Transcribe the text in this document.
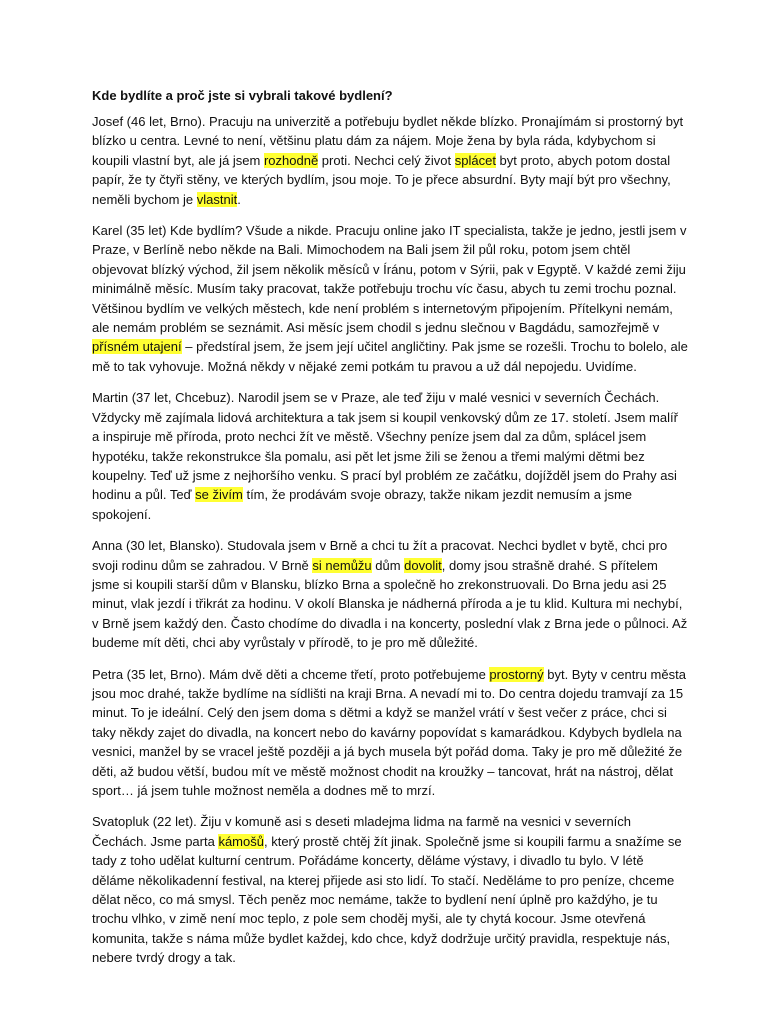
Kde bydlíte a proč jste si vybrali takové bydlení?

Josef (46 let, Brno). Pracuju na univerzitě a potřebuju bydlet někde blízko. Pronajímám si prostorný byt blízko u centra. Levné to není, většinu platu dám za nájem. Moje žena by byla ráda, kdybychom si koupili vlastní byt, ale já jsem rozhodně proti. Nechci celý život splácet byt proto, abych potom dostal papír, že ty čtyři stěny, ve kterých bydlím, jsou moje. To je přece absurdní. Byty mají být pro všechny, neměli bychom je vlastnit.

Karel (35 let) Kde bydlím? Všude a nikde. Pracuju online jako IT specialista, takže je jedno, jestli jsem v Praze, v Berlíně nebo někde na Bali. Mimochodem na Bali jsem žil půl roku, potom jsem chtěl objevovat blízký východ, žil jsem několik měsíců v Íránu, potom v Sýrii, pak v Egyptě. V každé zemi žiju minimálně měsíc. Musím taky pracovat, takže potřebuju trochu víc času, abych tu zemi trochu poznal. Většinou bydlím ve velkých městech, kde není problém s internetovým připojením. Přítelkyni nemám, ale nemám problém se seznámit. Asi měsíc jsem chodil s jednu slečnou v Bagdádu, samozřejmě v přísném utajení – předstíral jsem, že jsem její učitel angličtiny. Pak jsme se rozešli. Trochu to bolelo, ale mě to tak vyhovuje. Možná někdy v nějaké zemi potkám tu pravou a už dál nepojedu. Uvidíme.

Martin (37 let, Chcebuz). Narodil jsem se v Praze, ale teď žiju v malé vesnici v severních Čechách. Vždycky mě zajímala lidová architektura a tak jsem si koupil venkovský dům ze 17. století. Jsem malíř a inspiruje mě příroda, proto nechci žít ve městě. Všechny peníze jsem dal za dům, splácel jsem hypotéku, takže rekonstrukce šla pomalu, asi pět let jsme žili se ženou a třemi malými dětmi bez koupelny. Teď už jsme z nejhoršího venku. S prací byl problém ze začátku, dojížděl jsem do Prahy asi hodinu a půl. Teď se živím tím, že prodávám svoje obrazy, takže nikam jezdit nemusím a jsme spokojení.

Anna (30 let, Blansko). Studovala jsem v Brně a chci tu žít a pracovat. Nechci bydlet v bytě, chci pro svoji rodinu dům se zahradou. V Brně si nemůžu dům dovolit, domy jsou strašně drahé. S přítelem jsme si koupili starší dům v Blansku, blízko Brna a společně ho zrekonstruovali. Do Brna jedu asi 25 minut, vlak jezdí i třikrát za hodinu. V okolí Blanska je nádherná příroda a je tu klid. Kultura mi nechybí, v Brně jsem každý den. Často chodíme do divadla i na koncerty, poslední vlak z Brna jede o půlnoci. Až budeme mít děti, chci aby vyrůstaly v přírodě, to je pro mě důležité.

Petra (35 let, Brno). Mám dvě děti a chceme třetí, proto potřebujeme prostorný byt. Byty v centru města jsou moc drahé, takže bydlíme na sídlišti na kraji Brna. A nevadí mi to. Do centra dojedu tramvají za 15 minut. To je ideální. Celý den jsem doma s dětmi a když se manžel vrátí v šest večer z práce, chci si taky někdy zajet do divadla, na koncert nebo do kavárny popovídat s kamarádkou. Kdybych bydlela na vesnici, manžel by se vracel ještě později a já bych musela být pořád doma. Taky je pro mě důležité že děti, až budou větší, budou mít ve městě možnost chodit na kroužky – tancovat, hrát na nástroj, dělat sport… já jsem tuhle možnost neměla a dodnes mě to mrzí.

Svatopluk (22 let). Žiju v komuně asi s deseti mladejma lidma na farmě na vesnici v severních Čechách. Jsme parta kámošů, který prostě chtěj žít jinak. Společně jsme si koupili farmu a snažíme se tady z toho udělat kulturní centrum. Pořádáme koncerty, děláme výstavy, i divadlo tu bylo. V létě děláme několikadenní festival, na kterej přijede asi sto lidí. To stačí. Neděláme to pro peníze, chceme dělat něco, co má smysl. Těch peněz moc nemáme, takže to bydlení není úplně pro každýho, je tu trochu vlhko, v zimě není moc teplo, z pole sem choděj myši, ale ty chytá kocour. Jsme otevřená komunita, takže s náma může bydlet každej, kdo chce, když dodržuje určitý pravidla, respektuje nás, nebere tvrdý drogy a tak.
